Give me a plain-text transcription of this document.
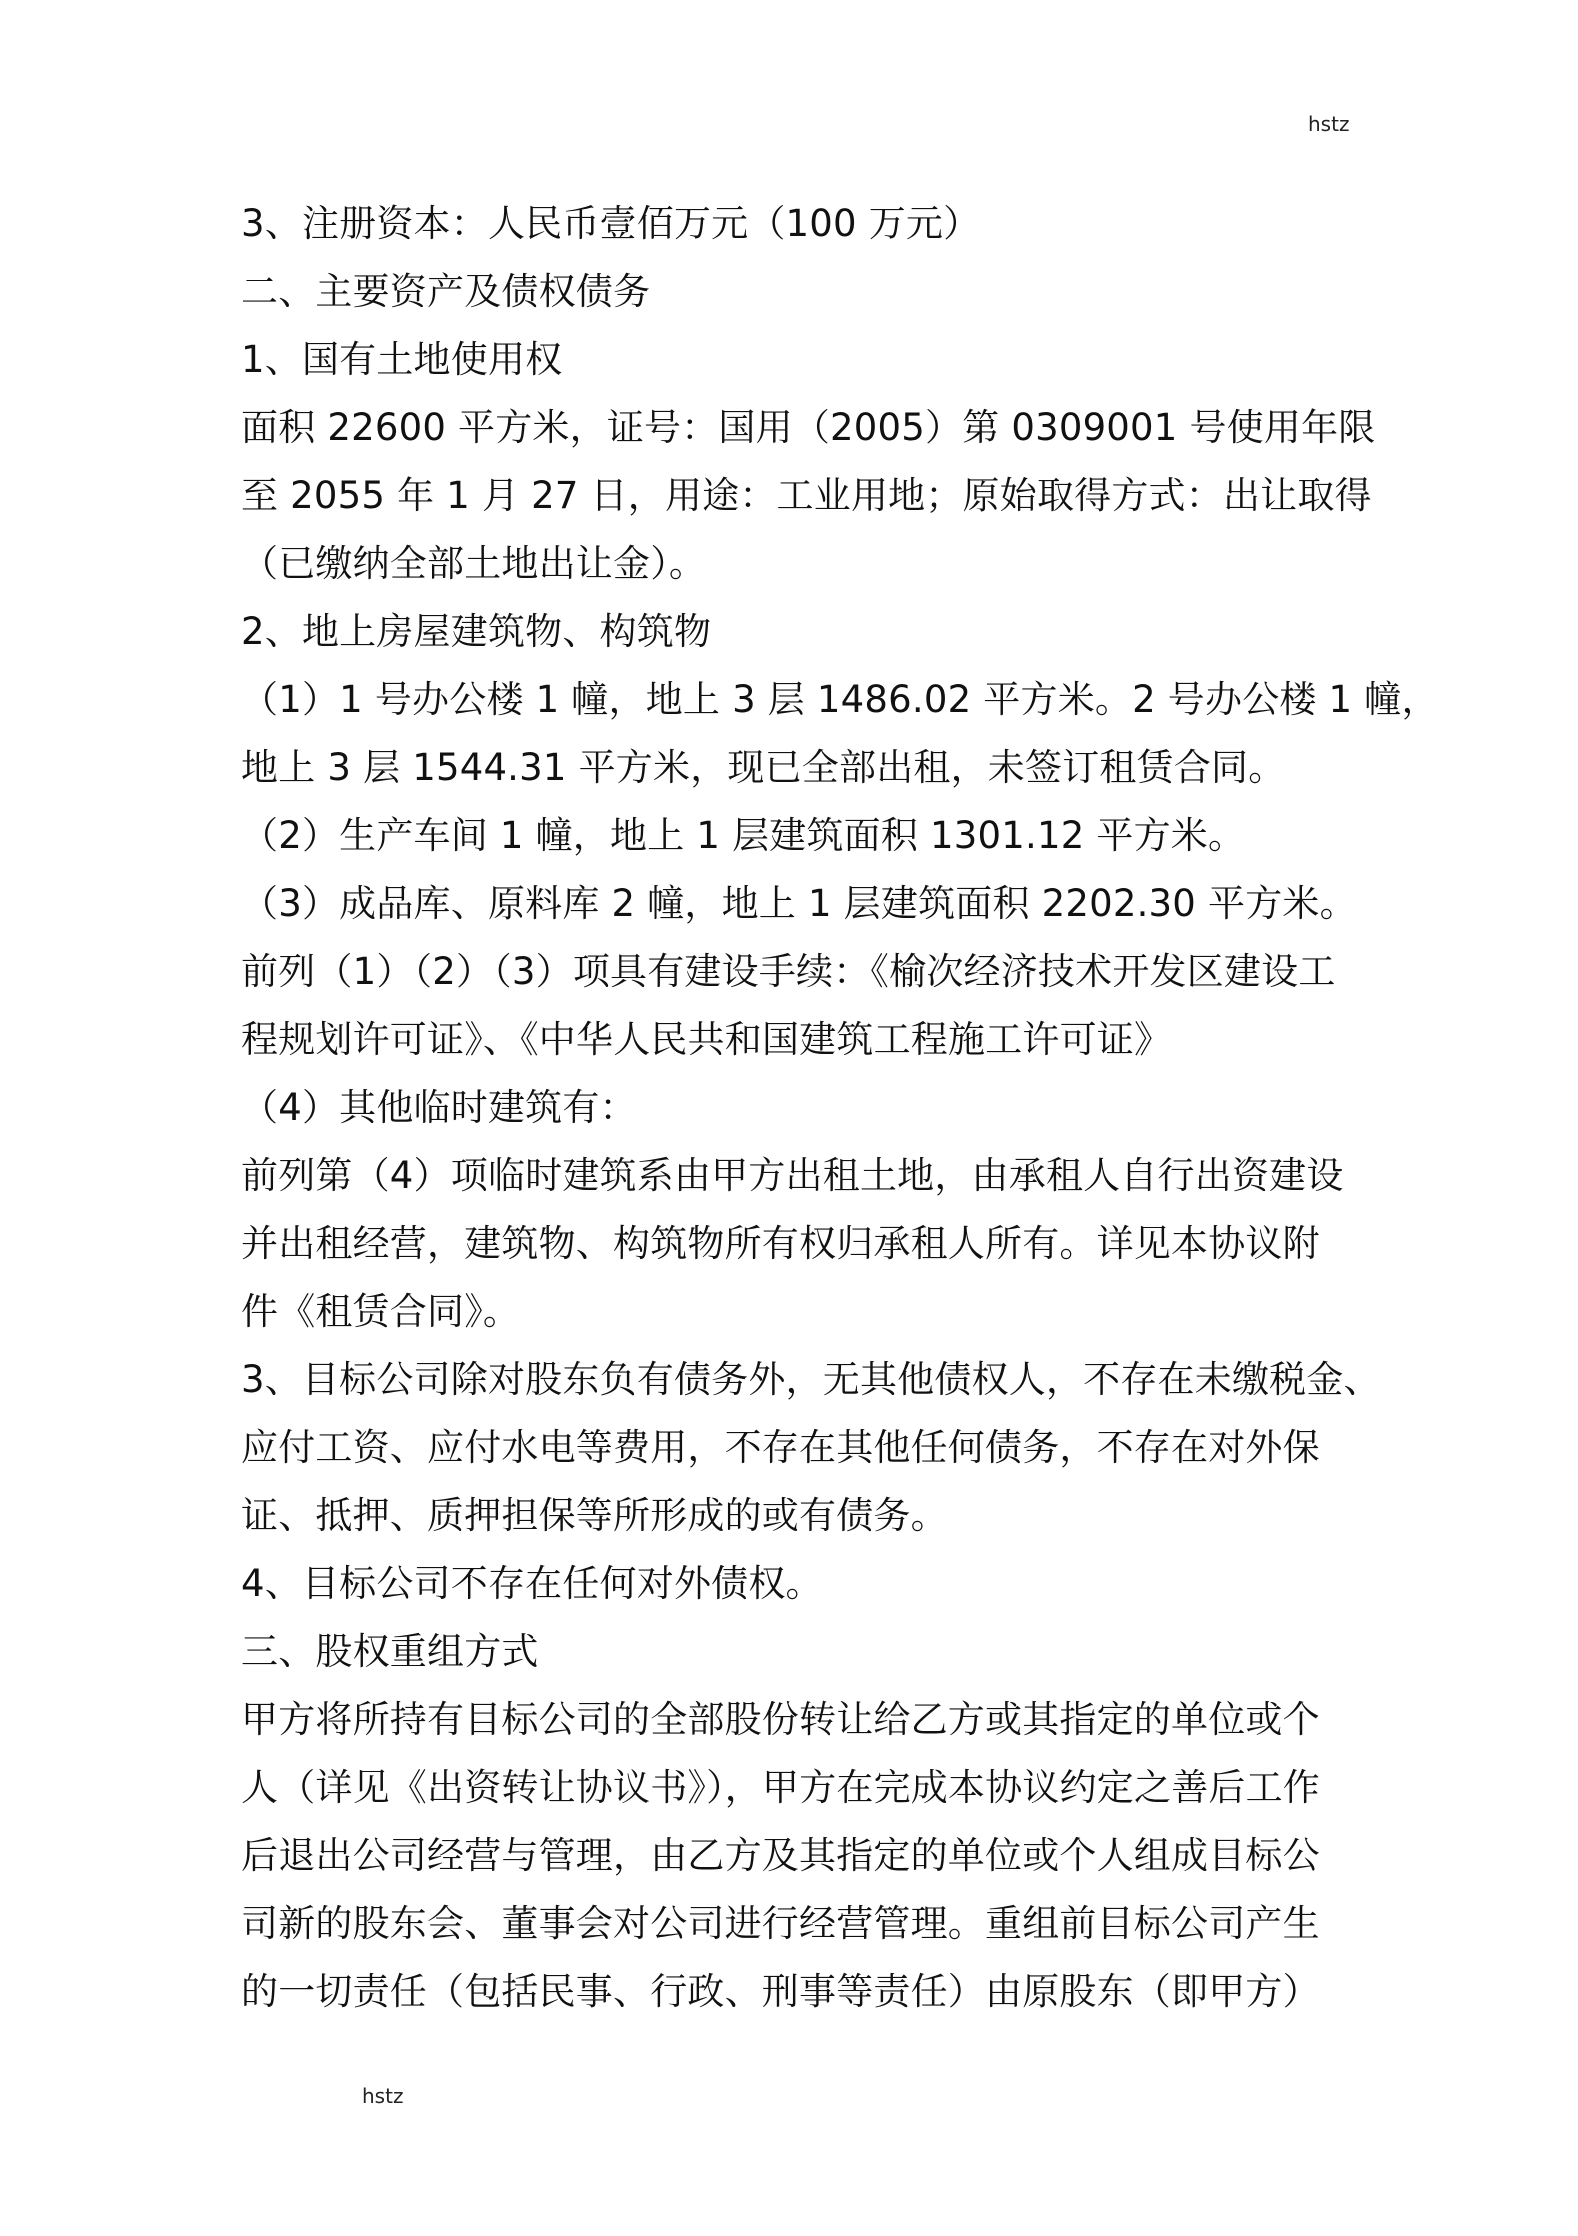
hstz
3、注册资本：人民币壹佰万元（100 万元）
二、主要资产及债权债务
1、国有土地使用权
面积 22600 平方米，证号：国用（2005）第 0309001 号使用年限
至 2055 年 1 月 27 日，用途：工业用地；原始取得方式：出让取得
（已缴纳全部土地出让金）。
2、地上房屋建筑物、构筑物
（1）1 号办公楼 1 幢，地上 3 层 1486.02 平方米。2 号办公楼 1 幢，
地上 3 层 1544.31 平方米，现已全部出租，未签订租赁合同。
（2）生产车间 1 幢，地上 1 层建筑面积 1301.12 平方米。
（3）成品库、原料库 2 幢，地上 1 层建筑面积 2202.30 平方米。
前列（1）（2）（3）项具有建设手续：《榆次经济技术开发区建设工
程规划许可证》、《中华人民共和国建筑工程施工许可证》
（4）其他临时建筑有：
前列第（4）项临时建筑系由甲方出租土地，由承租人自行出资建设
并出租经营，建筑物、构筑物所有权归承租人所有。详见本协议附
件《租赁合同》。
3、目标公司除对股东负有债务外，无其他债权人，不存在未缴税金、
应付工资、应付水电等费用，不存在其他任何债务，不存在对外保
证、抵押、质押担保等所形成的或有债务。
4、目标公司不存在任何对外债权。
三、股权重组方式
甲方将所持有目标公司的全部股份转让给乙方或其指定的单位或个
人（详见《出资转让协议书》），甲方在完成本协议约定之善后工作
后退出公司经营与管理，由乙方及其指定的单位或个人组成目标公
司新的股东会、董事会对公司进行经营管理。重组前目标公司产生
的一切责任（包括民事、行政、刑事等责任）由原股东（即甲方）
hstz
